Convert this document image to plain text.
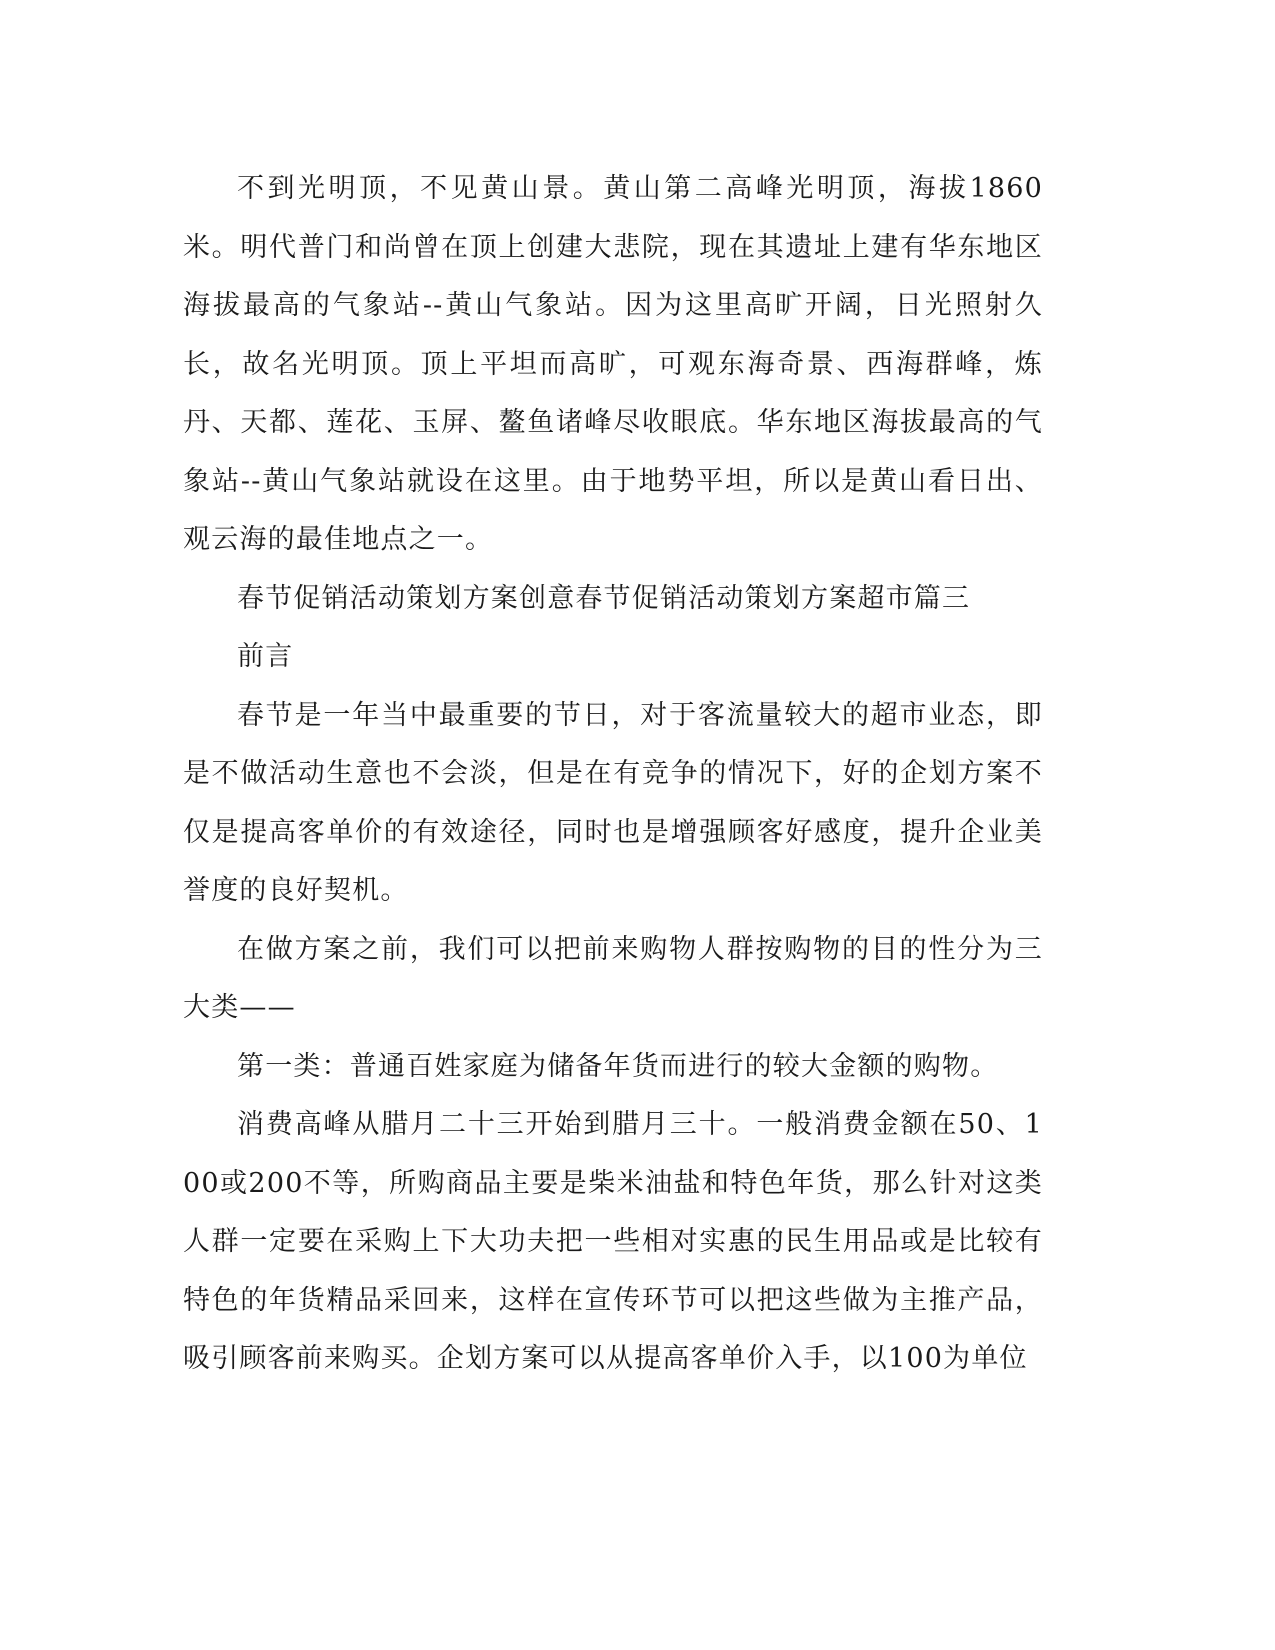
不到光明顶，不见黄山景。黄山第二高峰光明顶，海拔1860米。明代普门和尚曾在顶上创建大悲院，现在其遗址上建有华东地区海拔最高的气象站--黄山气象站。因为这里高旷开阔，日光照射久长，故名光明顶。顶上平坦而高旷，可观东海奇景、西海群峰，炼丹、天都、莲花、玉屏、鳌鱼诸峰尽收眼底。华东地区海拔最高的气象站--黄山气象站就设在这里。由于地势平坦，所以是黄山看日出、观云海的最佳地点之一。

春节促销活动策划方案创意春节促销活动策划方案超市篇三

前言

春节是一年当中最重要的节日，对于客流量较大的超市业态，即是不做活动生意也不会淡，但是在有竞争的情况下，好的企划方案不仅是提高客单价的有效途径，同时也是增强顾客好感度，提升企业美誉度的良好契机。

在做方案之前，我们可以把前来购物人群按购物的目的性分为三大类——

第一类：普通百姓家庭为储备年货而进行的较大金额的购物。

消费高峰从腊月二十三开始到腊月三十。一般消费金额在50、100或200不等，所购商品主要是柴米油盐和特色年货，那么针对这类人群一定要在采购上下大功夫把一些相对实惠的民生用品或是比较有特色的年货精品采回来，这样在宣传环节可以把这些做为主推产品，吸引顾客前来购买。企划方案可以从提高客单价入手，以100为单位
